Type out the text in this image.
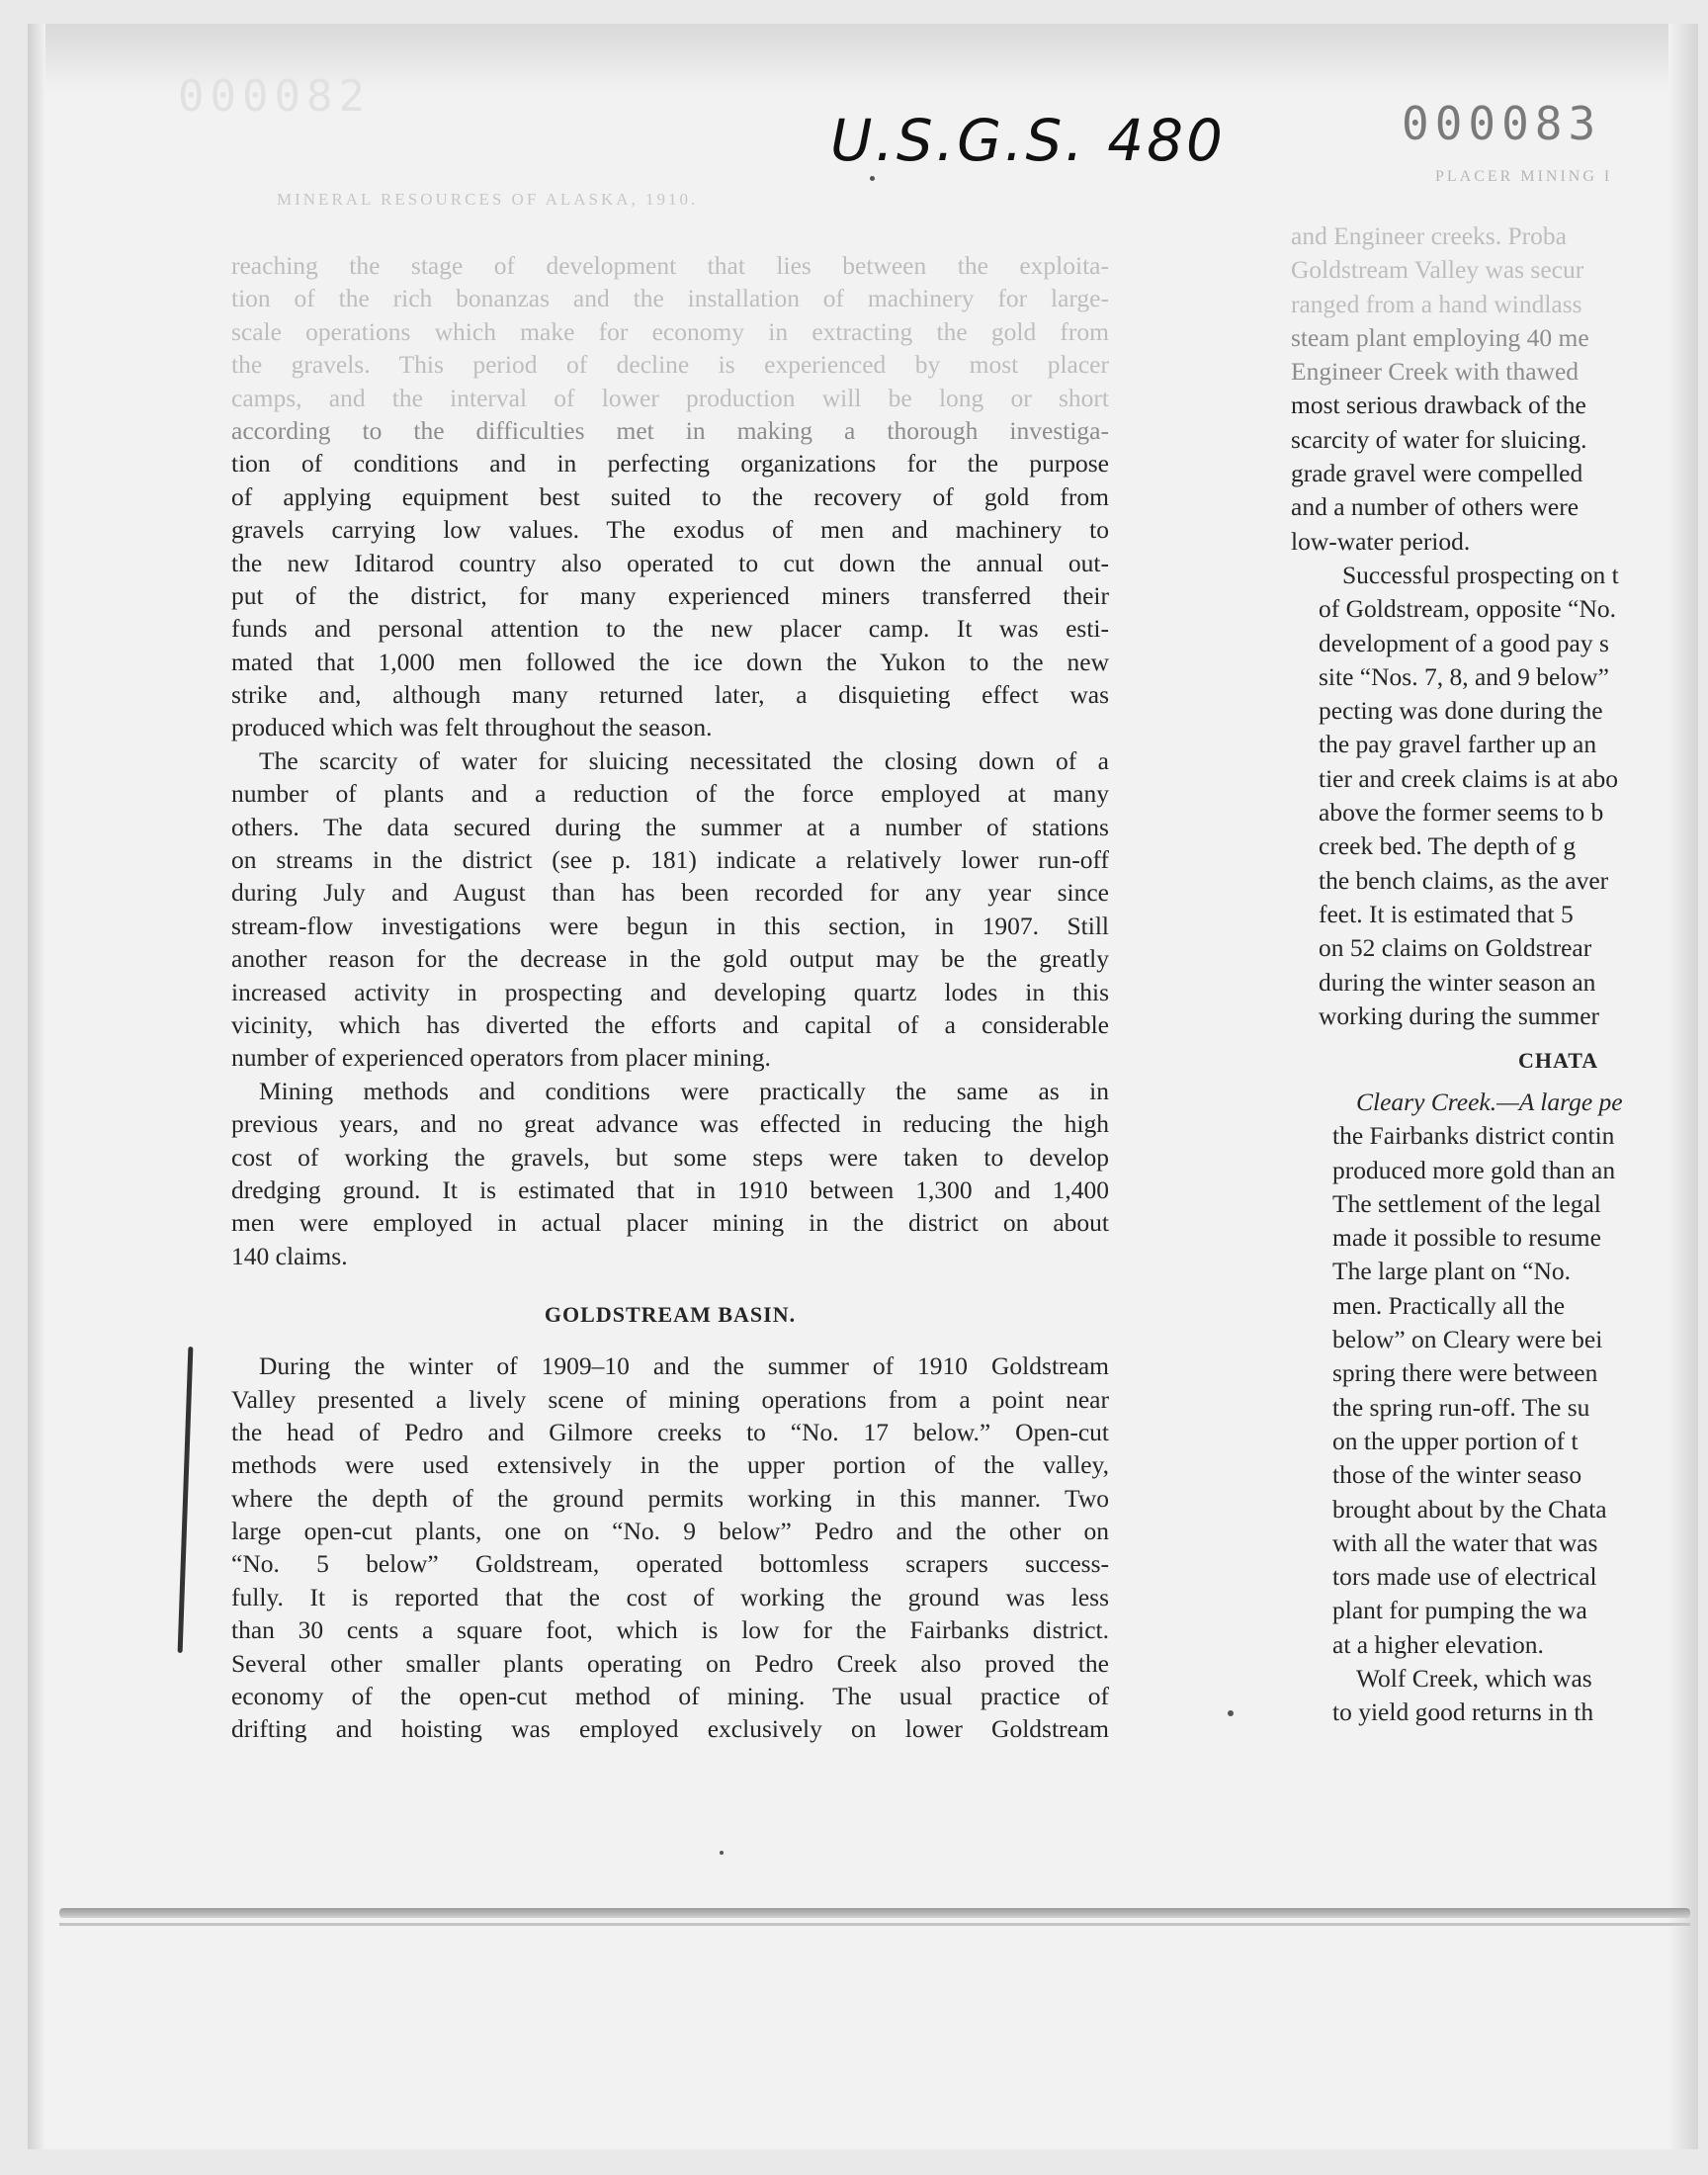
000082
U.S.G.S. 480	000083
MINERAL RESOURCES OF ALASKA, 1910.
PLACER MINING I
reaching the stage of development that lies between the exploita-
tion of the rich bonanzas and the installation of machinery for large-
scale operations which make for economy in extracting the gold from
the gravels. This period of decline is experienced by most placer
camps, and the interval of lower production will be long or short
according to the difficulties met in making a thorough investiga-
tion of conditions and in perfecting organizations for the purpose
of applying equipment best suited to the recovery of gold from
gravels carrying low values. The exodus of men and machinery to
the new Iditarod country also operated to cut down the annual out-
put of the district, for many experienced miners transferred their
funds and personal attention to the new placer camp. It was esti-
mated that 1,000 men followed the ice down the Yukon to the new
strike and, although many returned later, a disquieting effect was
produced which was felt throughout the season.
The scarcity of water for sluicing necessitated the closing down of a
number of plants and a reduction of the force employed at many
others. The data secured during the summer at a number of stations
on streams in the district (see p. 181) indicate a relatively lower run-off
during July and August than has been recorded for any year since
stream-flow investigations were begun in this section, in 1907. Still
another reason for the decrease in the gold output may be the greatly
increased activity in prospecting and developing quartz lodes in this
vicinity, which has diverted the efforts and capital of a considerable
number of experienced operators from placer mining.
Mining methods and conditions were practically the same as in
previous years, and no great advance was effected in reducing the high
cost of working the gravels, but some steps were taken to develop
dredging ground. It is estimated that in 1910 between 1,300 and 1,400
men were employed in actual placer mining in the district on about
140 claims.
GOLDSTREAM BASIN.
During the winter of 1909–10 and the summer of 1910 Goldstream
Valley presented a lively scene of mining operations from a point near
the head of Pedro and Gilmore creeks to “No. 17 below.” Open-cut
methods were used extensively in the upper portion of the valley,
where the depth of the ground permits working in this manner. Two
large open-cut plants, one on “No. 9 below” Pedro and the other on
“No. 5 below” Goldstream, operated bottomless scrapers success-
fully. It is reported that the cost of working the ground was less
than 30 cents a square foot, which is low for the Fairbanks district.
Several other smaller plants operating on Pedro Creek also proved the
economy of the open-cut method of mining. The usual practice of
drifting and hoisting was employed exclusively on lower Goldstream
and Engineer creeks. Proba
Goldstream Valley was secur
ranged from a hand windlass
steam plant employing 40 me
Engineer Creek with thawed
most serious drawback of the
scarcity of water for sluicing.
grade gravel were compelled
and a number of others were
low-water period.
Successful prospecting on t
of Goldstream, opposite “No.
development of a good pay s
site “Nos. 7, 8, and 9 below”
pecting was done during the
the pay gravel farther up an
tier and creek claims is at abo
above the former seems to b
creek bed. The depth of g
the bench claims, as the aver
feet. It is estimated that 5
on 52 claims on Goldstrear
during the winter season an
working during the summer
CHATA
Cleary Creek.—A large pe
the Fairbanks district contin
produced more gold than an
The settlement of the legal
made it possible to resume
The large plant on “No.
men. Practically all the
below” on Cleary were bei
spring there were between
the spring run-off. The su
on the upper portion of t
those of the winter seaso
brought about by the Chata
with all the water that was
tors made use of electrical
plant for pumping the wa
at a higher elevation.
Wolf Creek, which was
to yield good returns in th
